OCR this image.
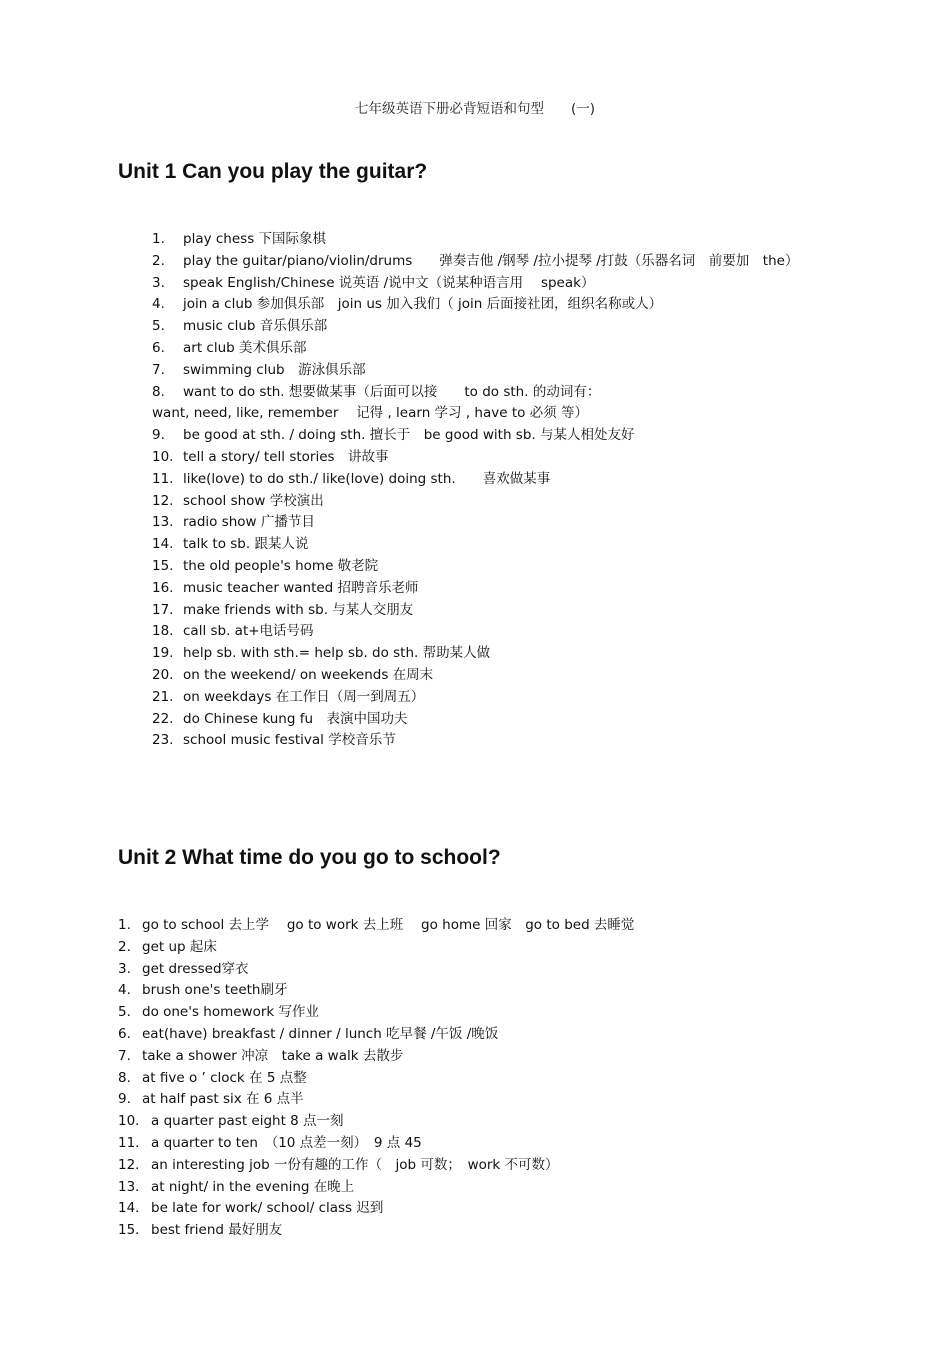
七年级英语下册必背短语和句型　　(一)
Unit 1 Can you play the guitar?
1. play chess 下国际象棋
2. play the guitar/piano/violin/drums　　弹奏吉他 /钢琴 /拉小提琴 /打鼓（乐器名词　前要加　the）
3. speak English/Chinese 说英语 /说中文（说某种语言用　 speak）
4. join a club 参加俱乐部　join us 加入我们（ join 后面接社团，组织名称或人）
5. music club 音乐俱乐部
6. art club 美术俱乐部
7. swimming club　游泳俱乐部
8. want to do sth. 想要做某事（后面可以接　　to do sth. 的动词有：
want, need, like, remember　 记得 , learn 学习 , have to 必须 等）
9. be good at sth. / doing sth. 擅长于　be good with sb. 与某人相处友好
10. tell a story/ tell stories　讲故事
11. like(love) to do sth./ like(love) doing sth.　　喜欢做某事
12. school show 学校演出
13. radio show 广播节目
14. talk to sb. 跟某人说
15. the old people's home 敬老院
16. music teacher wanted 招聘音乐老师
17. make friends with sb. 与某人交朋友
18. call sb. at+电话号码
19. help sb. with sth.= help sb. do sth. 帮助某人做
20. on the weekend/ on weekends 在周末
21. on weekdays 在工作日（周一到周五）
22. do Chinese kung fu　表演中国功夫
23. school music festival 学校音乐节
Unit 2 What time do you go to school?
1. go to school 去上学　 go to work 去上班　 go home 回家　go to bed 去睡觉
2. get up 起床
3. get dressed穿衣
4. brush one's teeth刷牙
5. do one's homework 写作业
6. eat(have) breakfast / dinner / lunch 吃早餐 /午饭 /晚饭
7. take a shower 冲凉　take a walk 去散步
8. at five o ’ clock 在 5 点整
9. at half past six 在 6 点半
10． a quarter past eight 8 点一刻
11． a quarter to ten　（10 点差一刻）　9 点 45
12． an interesting job 一份有趣的工作（　job 可数；　work 不可数）
13． at night/ in the evening 在晚上
14． be late for work/ school/ class 迟到
15． best friend 最好朋友
